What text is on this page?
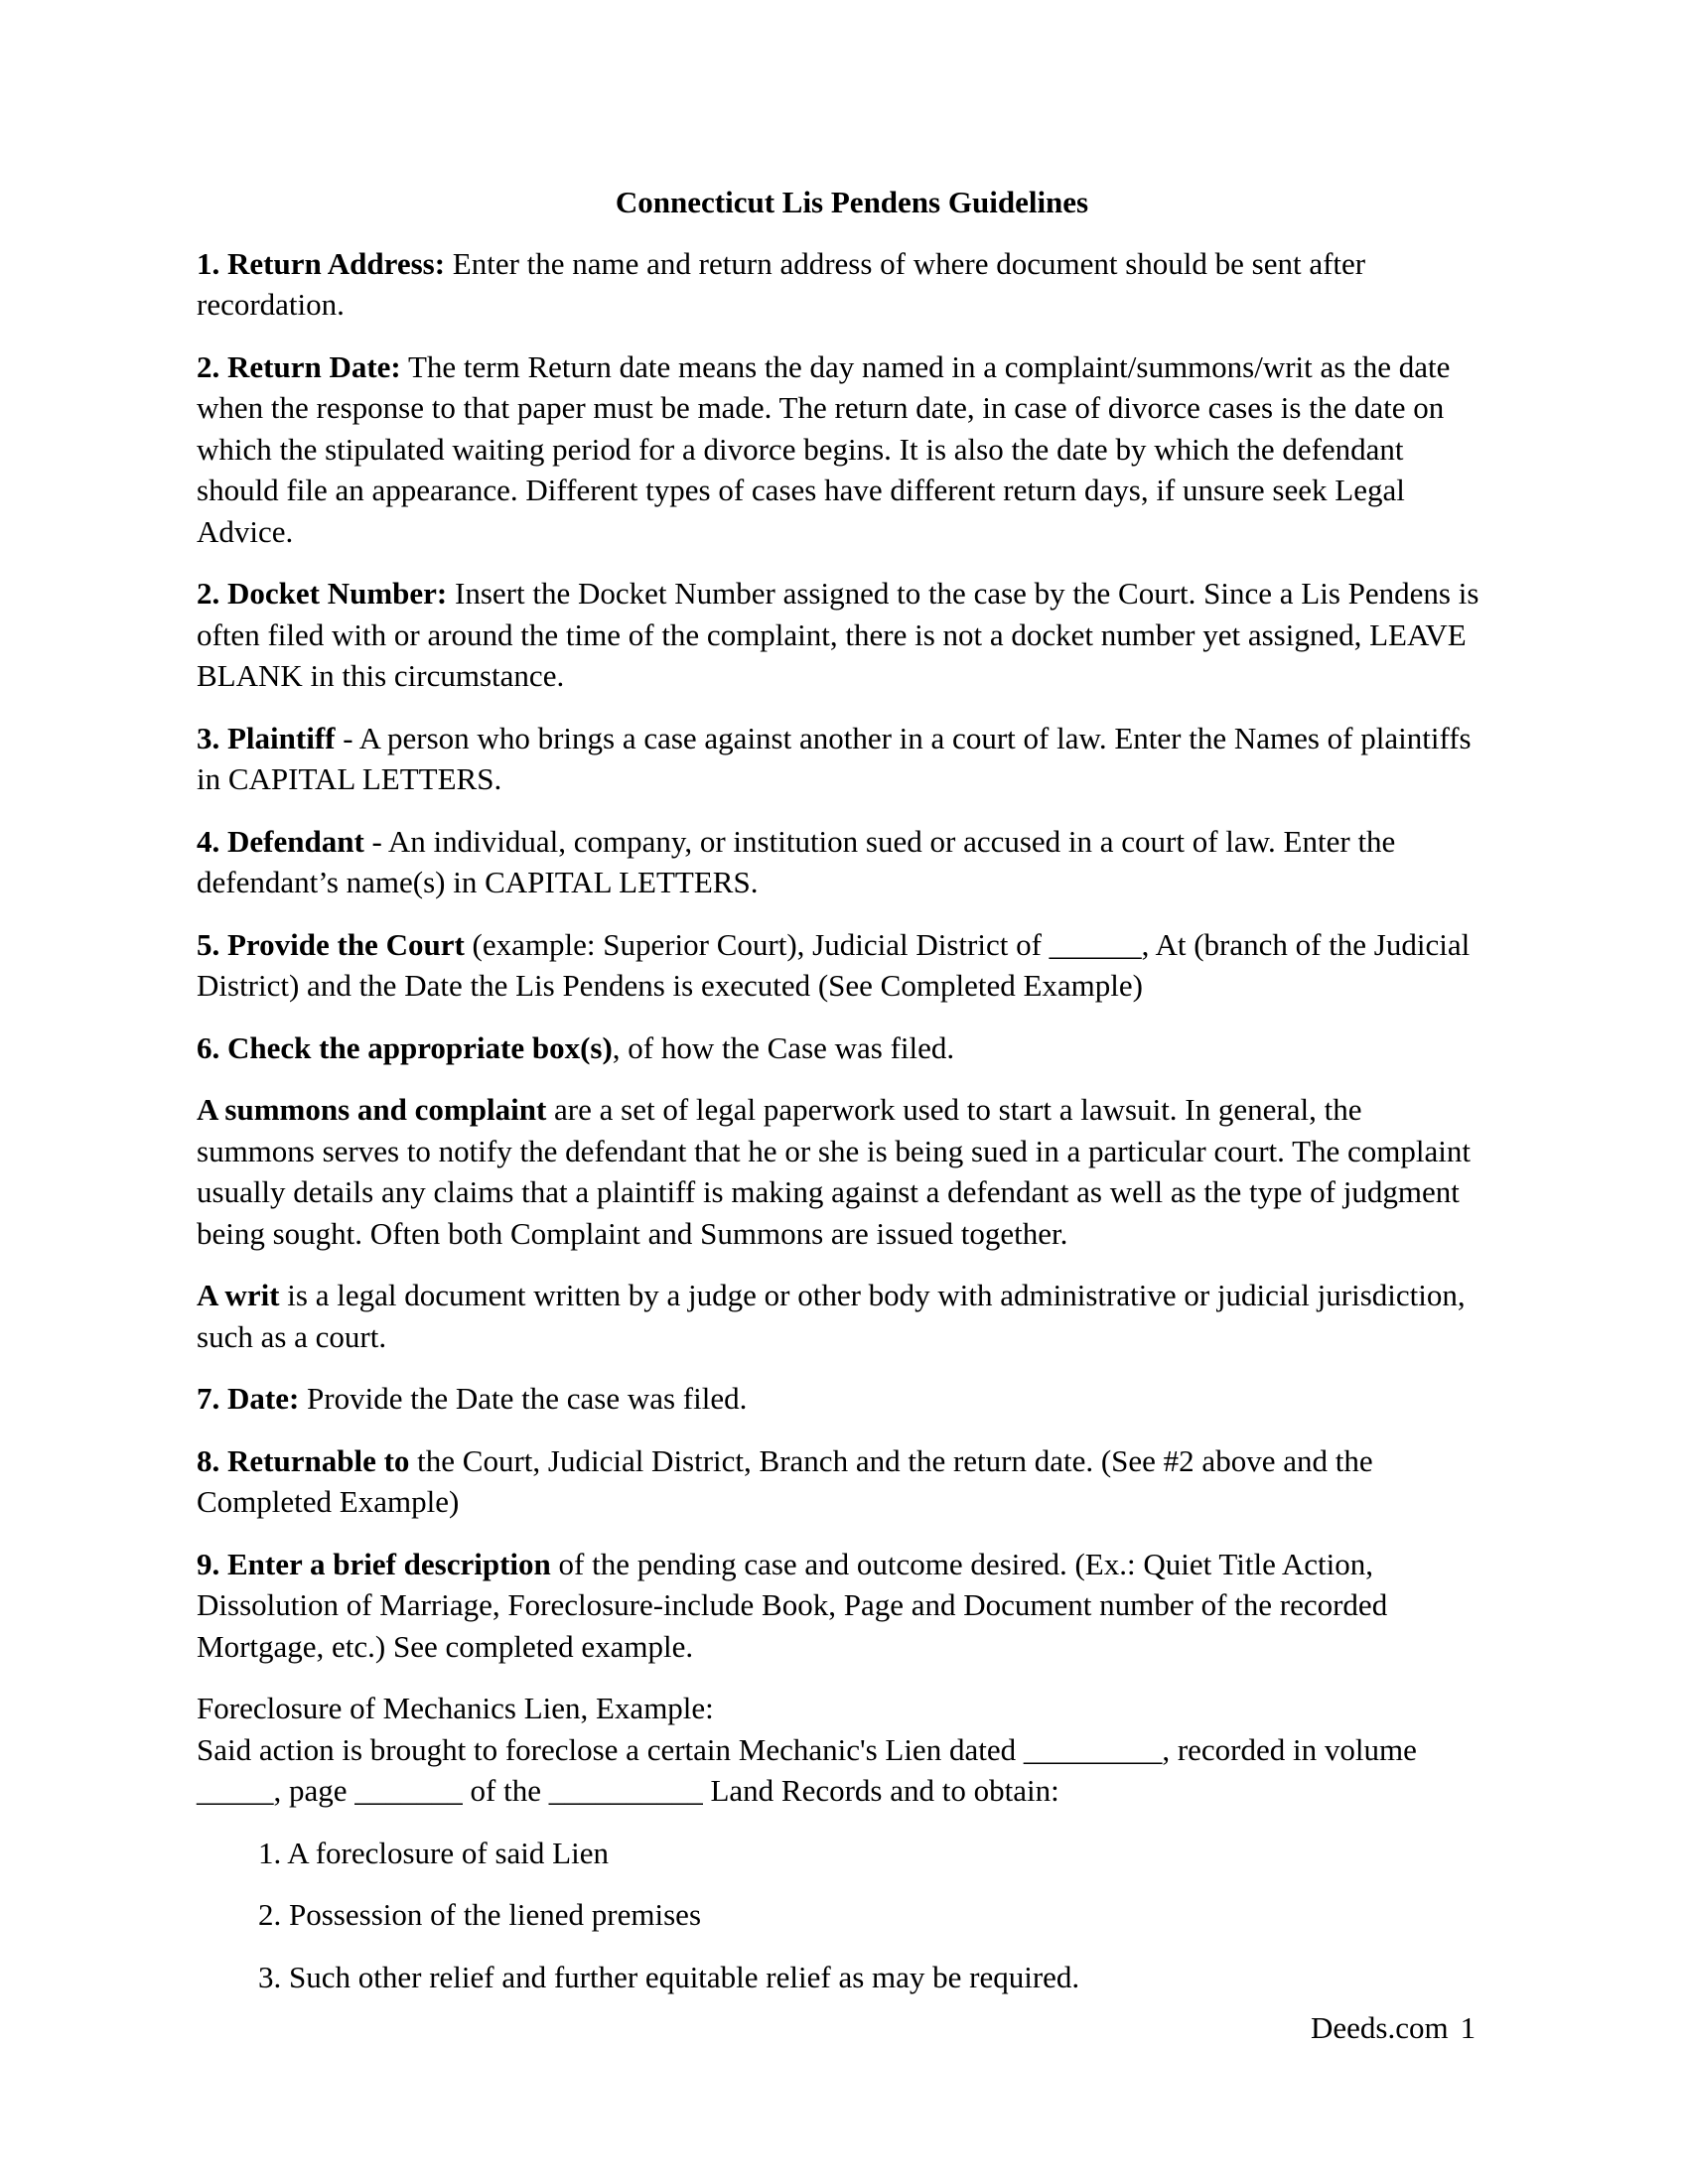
Connecticut Lis Pendens Guidelines

1. Return Address: Enter the name and return address of where document should be sent after recordation.

2. Return Date: The term Return date means the day named in a complaint/summons/writ as the date when the response to that paper must be made. The return date, in case of divorce cases is the date on which the stipulated waiting period for a divorce begins. It is also the date by which the defendant should file an appearance. Different types of cases have different return days, if unsure seek Legal Advice.

2. Docket Number: Insert the Docket Number assigned to the case by the Court. Since a Lis Pendens is often filed with or around the time of the complaint, there is not a docket number yet assigned, LEAVE BLANK in this circumstance.

3. Plaintiff - A person who brings a case against another in a court of law. Enter the Names of plaintiffs in CAPITAL LETTERS.

4. Defendant - An individual, company, or institution sued or accused in a court of law. Enter the defendant’s name(s) in CAPITAL LETTERS.

5. Provide the Court (example: Superior Court), Judicial District of ______, At (branch of the Judicial District) and the Date the Lis Pendens is executed (See Completed Example)

6. Check the appropriate box(s), of how the Case was filed.

A summons and complaint are a set of legal paperwork used to start a lawsuit. In general, the summons serves to notify the defendant that he or she is being sued in a particular court. The complaint usually details any claims that a plaintiff is making against a defendant as well as the type of judgment being sought. Often both Complaint and Summons are issued together.

A writ is a legal document written by a judge or other body with administrative or judicial jurisdiction, such as a court.

7. Date: Provide the Date the case was filed.

8. Returnable to the Court, Judicial District, Branch and the return date. (See #2 above and the Completed Example)

9. Enter a brief description of the pending case and outcome desired. (Ex.: Quiet Title Action, Dissolution of Marriage, Foreclosure-include Book, Page and Document number of the recorded Mortgage, etc.) See completed example.

Foreclosure of Mechanics Lien, Example:
Said action is brought to foreclose a certain Mechanic's Lien dated _________, recorded in volume _____, page _______ of the __________ Land Records and to obtain:

1. A foreclosure of said Lien
2. Possession of the liened premises
3. Such other relief and further equitable relief as may be required.
Deeds.com 1
